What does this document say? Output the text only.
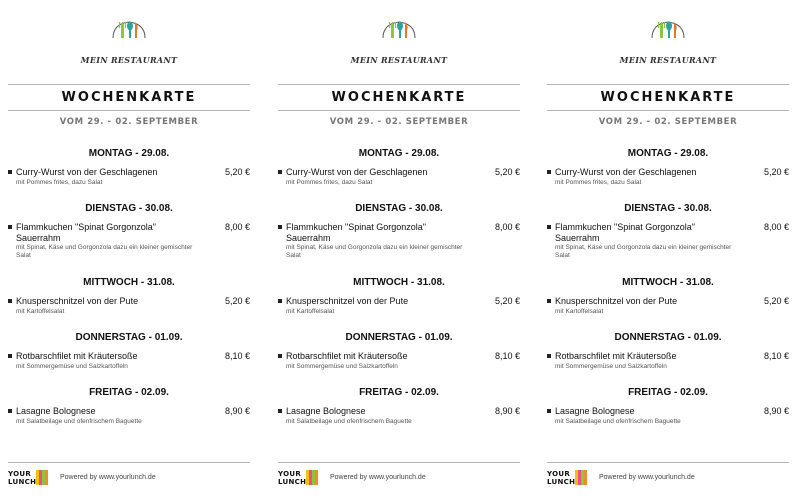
MEIN RESTAURANT
WOCHENKARTE
VOM 29. - 02. SEPTEMBER
MONTAG - 29.08.
Curry-Wurst von der Geschlagenen	5,20 €
mit Pommes frites, dazu Salat
DIENSTAG - 30.08.
Flammkuchen "Spinat Gorgonzola" Sauerrahm
8,00 €
mit Spinat, Käse und Gorgonzola dazu ein kleiner gemischter Salat
MITTWOCH - 31.08.
Knusperschnitzel von der Pute	5,20 €
mit Kartoffelsalat
DONNERSTAG - 01.09.
Rotbarschfilet mit Kräutersoße	8,10 €
mit Sommergemüse und Salzkartoffeln
FREITAG - 02.09.
Lasagne Bolognese	8,90 €
mit Salatbeilage und ofenfrischem Baguette
YOUR
LUNCH
Powered by www.yourlunch.de
MEIN RESTAURANT
WOCHENKARTE
VOM 29. - 02. SEPTEMBER
MONTAG - 29.08.
Curry-Wurst von der Geschlagenen	5,20 €
mit Pommes frites, dazu Salat
DIENSTAG - 30.08.
Flammkuchen "Spinat Gorgonzola" Sauerrahm
8,00 €
mit Spinat, Käse und Gorgonzola dazu ein kleiner gemischter Salat
MITTWOCH - 31.08.
Knusperschnitzel von der Pute	5,20 €
mit Kartoffelsalat
DONNERSTAG - 01.09.
Rotbarschfilet mit Kräutersoße	8,10 €
mit Sommergemüse und Salzkartoffeln
FREITAG - 02.09.
Lasagne Bolognese	8,90 €
mit Salatbeilage und ofenfrischem Baguette
YOUR
LUNCH
Powered by www.yourlunch.de
MEIN RESTAURANT
WOCHENKARTE
VOM 29. - 02. SEPTEMBER
MONTAG - 29.08.
Curry-Wurst von der Geschlagenen	5,20 €
mit Pommes frites, dazu Salat
DIENSTAG - 30.08.
Flammkuchen "Spinat Gorgonzola" Sauerrahm
8,00 €
mit Spinat, Käse und Gorgonzola dazu ein kleiner gemischter Salat
MITTWOCH - 31.08.
Knusperschnitzel von der Pute	5,20 €
mit Kartoffelsalat
DONNERSTAG - 01.09.
Rotbarschfilet mit Kräutersoße	8,10 €
mit Sommergemüse und Salzkartoffeln
FREITAG - 02.09.
Lasagne Bolognese	8,90 €
mit Salatbeilage und ofenfrischem Baguette
YOUR
LUNCH
Powered by www.yourlunch.de
